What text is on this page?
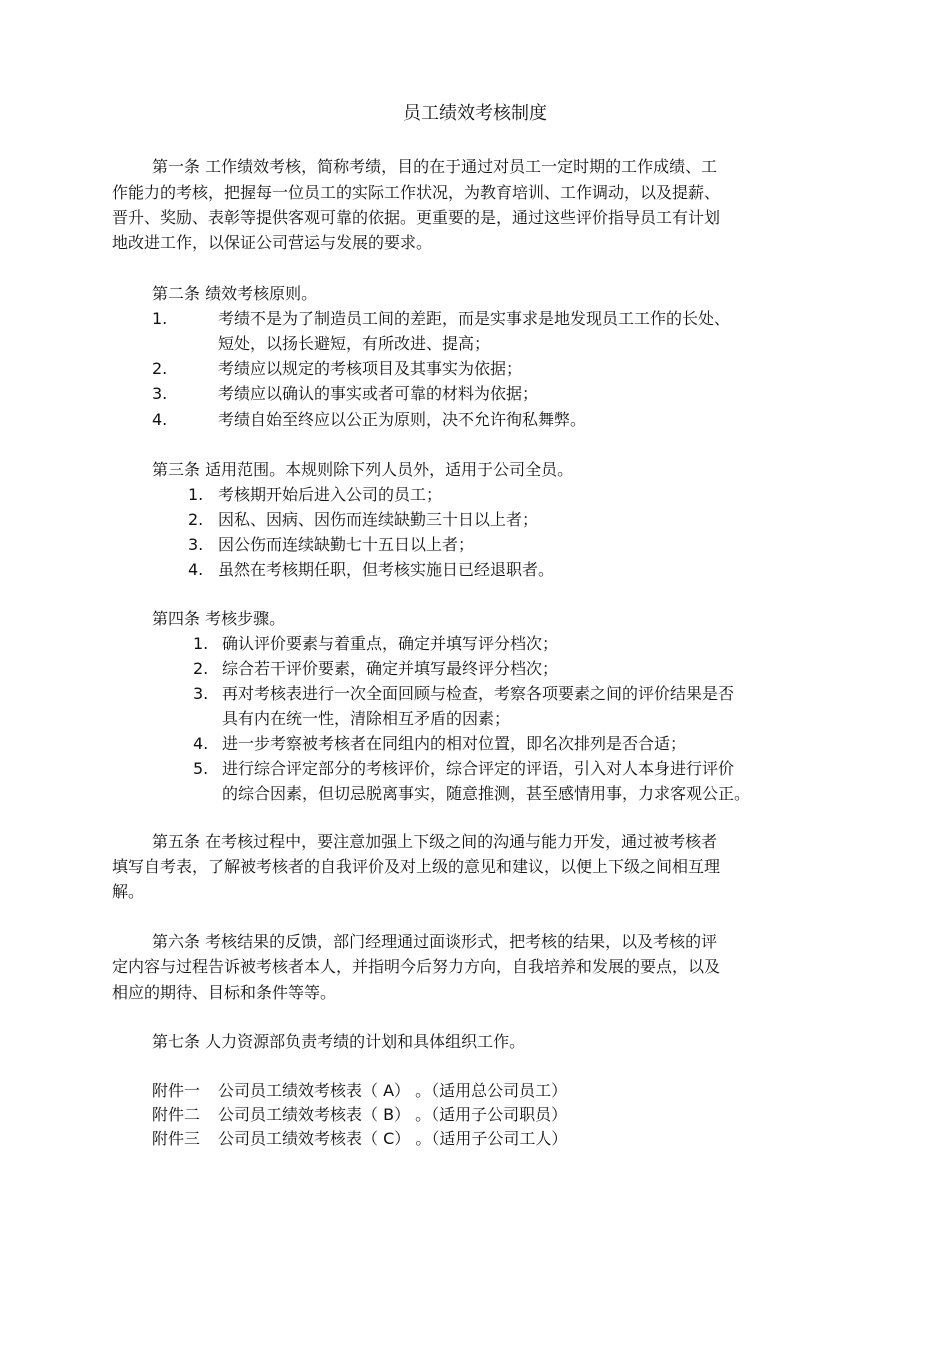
员工绩效考核制度
第一条 工作绩效考核，简称考绩，目的在于通过对员工一定时期的工作成绩、工
作能力的考核，把握每一位员工的实际工作状况，为教育培训、工作调动，以及提薪、
晋升、奖励、表彰等提供客观可靠的依据。更重要的是，通过这些评价指导员工有计划
地改进工作，以保证公司营运与发展的要求。
第二条 绩效考核原则。
1.	考绩不是为了制造员工间的差距，而是实事求是地发现员工工作的长处、
短处，以扬长避短，有所改进、提高；
2.	考绩应以规定的考核项目及其事实为依据；
3.	考绩应以确认的事实或者可靠的材料为依据；
4.	考绩自始至终应以公正为原则，决不允许徇私舞弊。
第三条 适用范围。本规则除下列人员外，适用于公司全员。
1. 考核期开始后进入公司的员工；
2. 因私、因病、因伤而连续缺勤三十日以上者；
3. 因公伤而连续缺勤七十五日以上者；
4. 虽然在考核期任职，但考核实施日已经退职者。
第四条 考核步骤。
1. 确认评价要素与着重点，确定并填写评分档次；
2. 综合若干评价要素，确定并填写最终评分档次；
3. 再对考核表进行一次全面回顾与检查，考察各项要素之间的评价结果是否
具有内在统一性，清除相互矛盾的因素；
4. 进一步考察被考核者在同组内的相对位置，即名次排列是否合适；
5. 进行综合评定部分的考核评价，综合评定的评语，引入对人本身进行评价
的综合因素，但切忌脱离事实，随意推测，甚至感情用事，力求客观公正。
第五条 在考核过程中，要注意加强上下级之间的沟通与能力开发，通过被考核者
填写自考表，了解被考核者的自我评价及对上级的意见和建议，以便上下级之间相互理
解。
第六条 考核结果的反馈，部门经理通过面谈形式，把考核的结果，以及考核的评
定内容与过程告诉被考核者本人，并指明今后努力方向，自我培养和发展的要点，以及
相应的期待、目标和条件等等。
第七条 人力资源部负责考绩的计划和具体组织工作。
附件一 公司员工绩效考核表（ A） 。（适用总公司员工）
附件二 公司员工绩效考核表（ B） 。（适用子公司职员）
附件三 公司员工绩效考核表（ C） 。（适用子公司工人）
